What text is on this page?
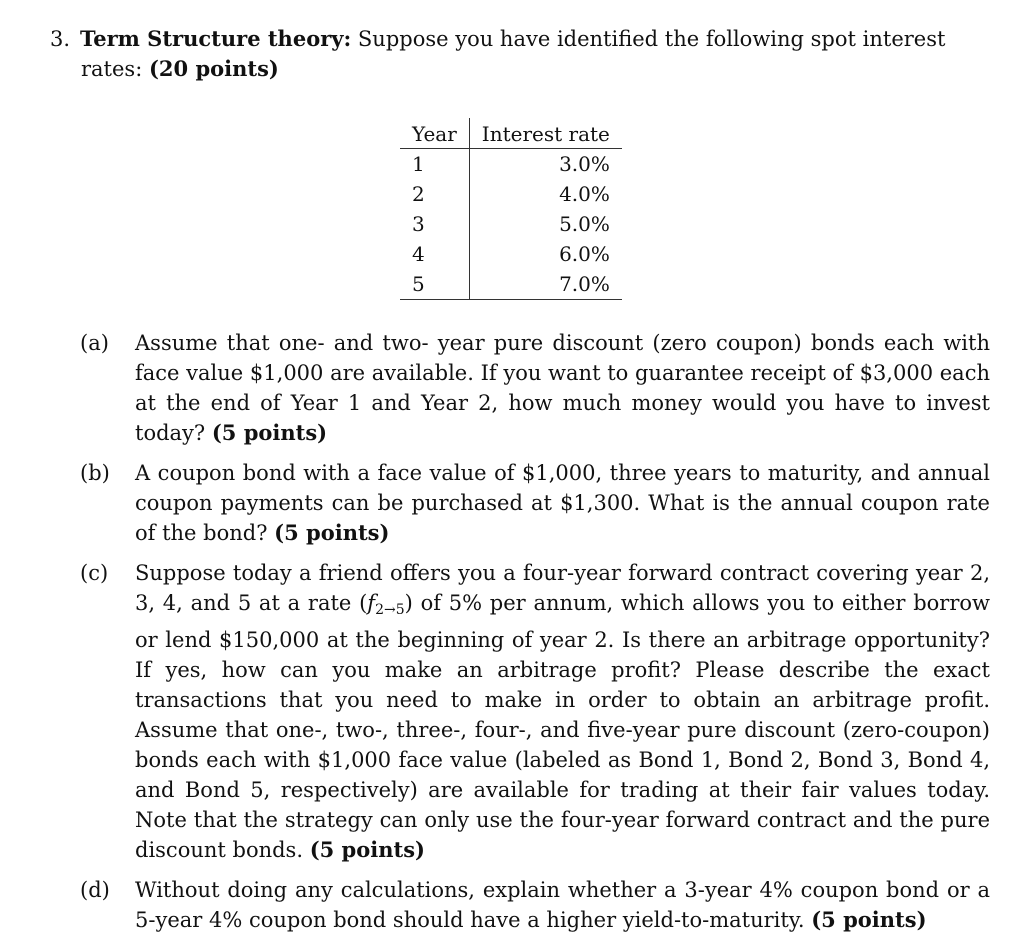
3. Term Structure theory: Suppose you have identified the following spot interest
rates: (20 points)
Year	Interest rate
1	3.0%
2	4.0%
3	5.0%
4	6.0%
5	7.0%
(a) Assume that one- and two- year pure discount (zero coupon) bonds each with face value $1,000 are available. If you want to guarantee receipt of $3,000 each at the end of Year 1 and Year 2, how much money would you have to invest today? (5 points)
(b) A coupon bond with a face value of $1,000, three years to maturity, and annual coupon payments can be purchased at $1,300. What is the annual coupon rate of the bond? (5 points)
(c) Suppose today a friend offers you a four-year forward contract covering year 2, 3, 4, and 5 at a rate $(f_{2\to 5})$ of 5% per annum, which allows you to either borrow or lend $150,000 at the beginning of year 2. Is there an arbitrage opportunity? If yes, how can you make an arbitrage profit? Please describe the exact transactions that you need to make in order to obtain an arbitrage profit. Assume that one-, two-, three-, four-, and five-year pure discount (zero-coupon) bonds each with $1,000 face value (labeled as Bond 1, Bond 2, Bond 3, Bond 4, and Bond 5, respectively) are available for trading at their fair values today. Note that the strategy can only use the four-year forward contract and the pure discount bonds. (5 points)
(d) Without doing any calculations, explain whether a 3-year 4% coupon bond or a 5-year 4% coupon bond should have a higher yield-to-maturity. (5 points)
